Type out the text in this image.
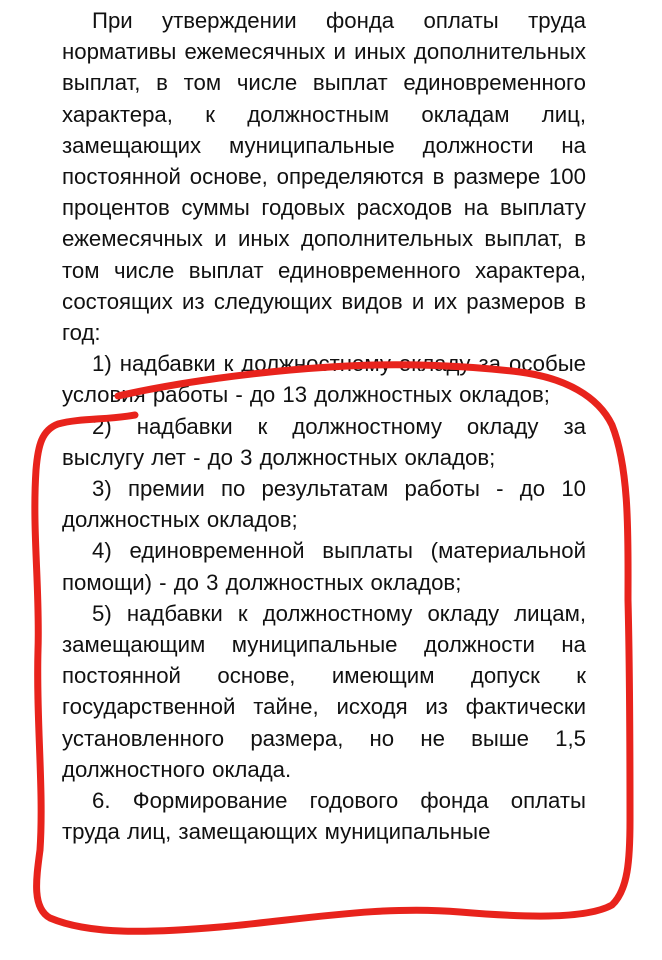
При утверждении фонда оплаты труда нормативы ежемесячных и иных дополнительных выплат, в том числе выплат единовременного характера, к должностным окладам лиц, замещающих муниципальные должности на постоянной основе, определяются в размере 100 процентов суммы годовых расходов на выплату ежемесячных и иных дополнительных выплат, в том числе выплат единовременного характера, состоящих из следующих видов и их размеров в год:

1) надбавки к должностному окладу за особые условия работы - до 13 должностных окладов;

2) надбавки к должностному окладу за выслугу лет - до 3 должностных окладов;

3) премии по результатам работы - до 10 должностных окладов;

4) единовременной выплаты (материальной помощи) - до 3 должностных окладов;

5) надбавки к должностному окладу лицам, замещающим муниципальные должности на постоянной основе, имеющим допуск к государственной тайне, исходя из фактически установленного размера, но не выше 1,5 должностного оклада.

6. Формирование годового фонда оплаты труда лиц, замещающих муниципальные
